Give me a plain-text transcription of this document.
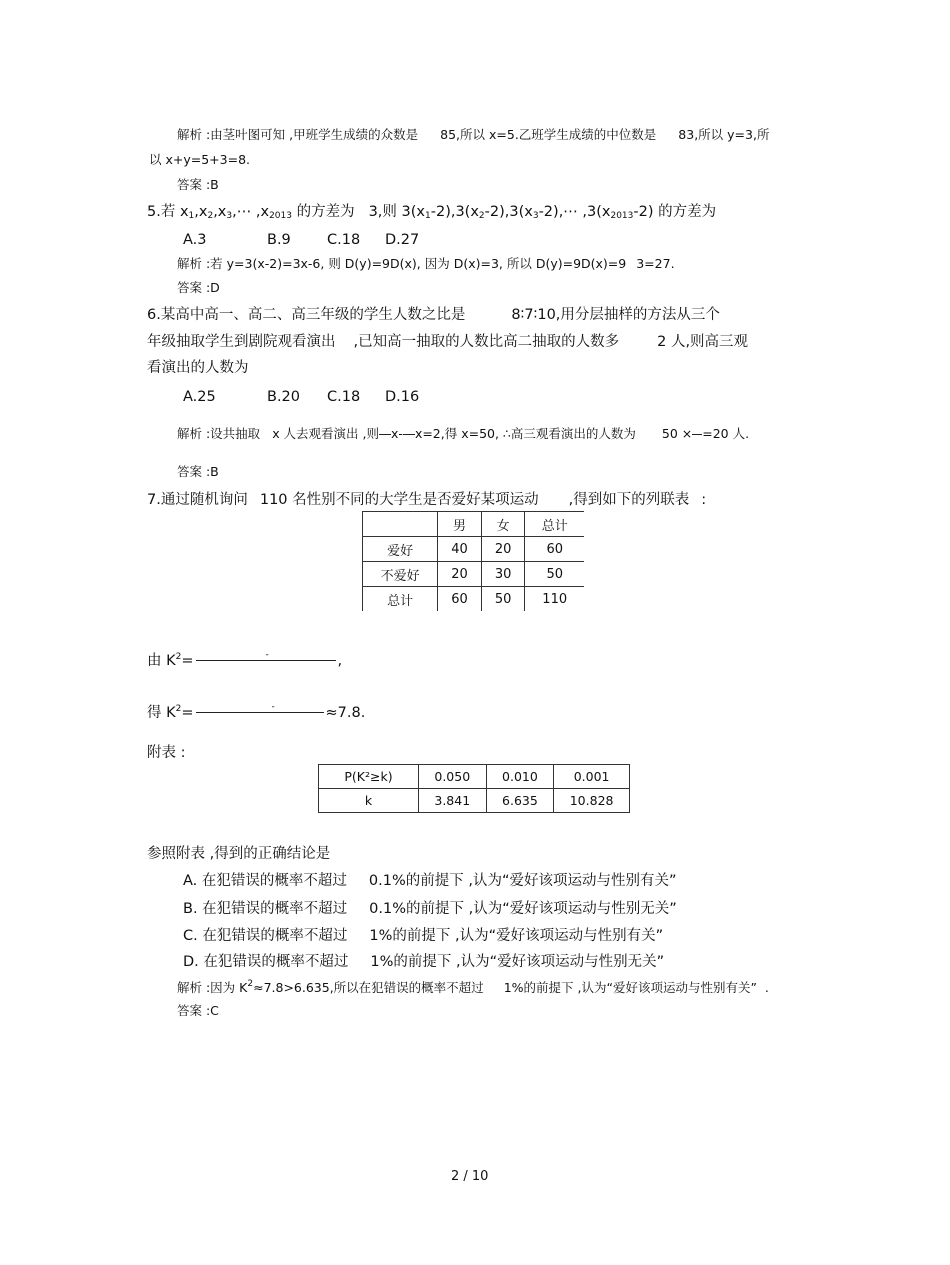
解析 :由茎叶图可知 ,甲班学生成绩的众数是 85,所以 x=5.乙班学生成绩的中位数是 83,所以 y=3,所
以 x+y=5+3=8.
答案 :B
5.若 $x_1,x_2,x_3,\cdots$ $,x_{2013}$ 的方差为 3,则 $3(x_1-2),3(x_2-2),3(x_3-2),\cdots$ $,3(x_{2013}-2)$ 的方差为
A.3	B.9 C.18 D.27
解析 :若 y=3(x-2)=3x-6, 则 D(y)=9D(x), 因为 D(x)=3, 所以 D(y)=9D(x)=9 3=27.
答案 :D
6.某高中高一、高二、高三年级的学生人数之比是	8∶7∶10,用分层抽样的方法从三个
年级抽取学生到剧院观看演出 ,已知高一抽取的人数比高二抽取的人数多	2 人,则高三观
看演出的人数为
A.25	B.20 C.18 D.16
解析 :设共抽取 x 人去观看演出 ,则 x- x=2,得 x=50, ∴高三观看演出的人数为 50 × =20 人.
答案 :B
7.通过随机询问 110 名性别不同的大学生是否爱好某项运动 ,得到如下的列联表 :
	男	女	总计
爱好	40	20	60
不爱好	20	30	50
总计	60	50	110
由 $K^2=$	-	,
得 $K^2=$	-	≈7.8.
附表 :
P(K²≥k)	0.050	0.010	0.001
k	3.841	6.635	10.828
参照附表 ,得到的正确结论是
A. 在犯错误的概率不超过 0.1%的前提下 ,认为“爱好该项运动与性别有关”
B. 在犯错误的概率不超过 0.1%的前提下 ,认为“爱好该项运动与性别无关”
C. 在犯错误的概率不超过 1%的前提下 ,认为“爱好该项运动与性别有关”
D. 在犯错误的概率不超过 1%的前提下 ,认为“爱好该项运动与性别无关”
解析 :因为 $K^2\approx 7.8>6.635$,所以在犯错误的概率不超过 1%的前提下 ,认为“爱好该项运动与性别有关” .
答案 :C
2 / 10
